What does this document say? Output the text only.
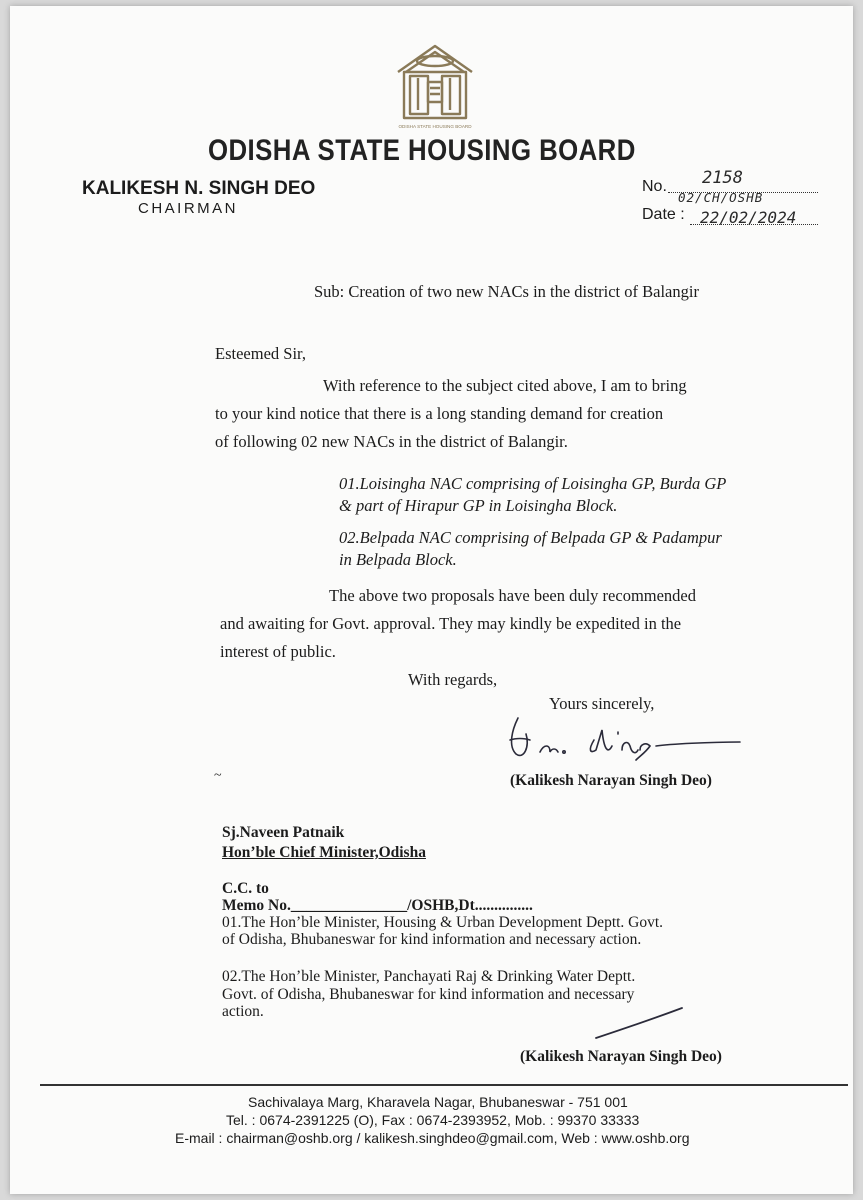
ODISHA STATE HOUSING BOARD
ODISHA STATE HOUSING BOARD
KALIKESH N. SINGH DEO
CHAIRMAN
No. 2158
02/CH/OSHB
Date : 22/02/2024
Sub: Creation of two new NACs in the district of Balangir
Esteemed Sir,
With reference to the subject cited above, I am to bring
to your kind notice that there is a long standing demand for creation
of following 02 new NACs in the district of Balangir.
01.Loisingha NAC comprising of Loisingha GP, Burda GP
& part of Hirapur GP in Loisingha Block.
02.Belpada NAC comprising of Belpada GP & Padampur
in Belpada Block.
The above two proposals have been duly recommended
and awaiting for Govt. approval. They may kindly be expedited in the
interest of public.
With regards,
Yours sincerely,
(Kalikesh Narayan Singh Deo)
~
Sj.Naveen Patnaik
Hon’ble Chief Minister,Odisha
C.C. to
Memo No._______________/OSHB,Dt...............
01.The Hon’ble Minister, Housing & Urban Development Deptt. Govt.
of Odisha, Bhubaneswar for kind information and necessary action.
02.The Hon’ble Minister, Panchayati Raj & Drinking Water Deptt.
Govt. of Odisha, Bhubaneswar for kind information and necessary
action.
(Kalikesh Narayan Singh Deo)
Sachivalaya Marg, Kharavela Nagar, Bhubaneswar - 751 001
Tel. : 0674-2391225 (O), Fax : 0674-2393952, Mob. : 99370 33333
E-mail : chairman@oshb.org / kalikesh.singhdeo@gmail.com, Web : www.oshb.org
